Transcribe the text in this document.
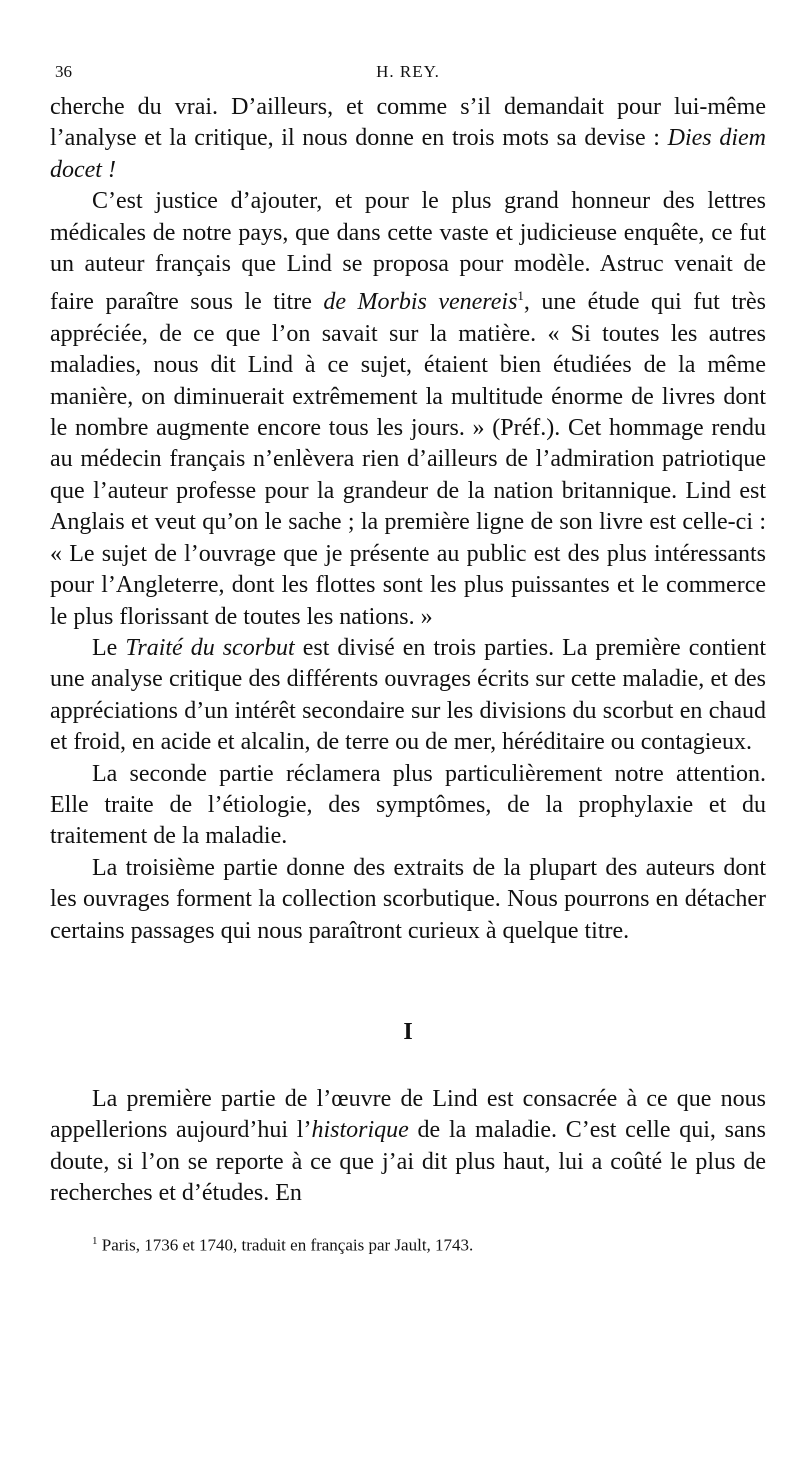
36	H. REY.

cherche du vrai. D’ailleurs, et comme s’il demandait pour lui-même l’analyse et la critique, il nous donne en trois mots sa devise : Dies diem docet !

C’est justice d’ajouter, et pour le plus grand honneur des lettres médicales de notre pays, que dans cette vaste et judicieuse enquête, ce fut un auteur français que Lind se proposa pour modèle. Astruc venait de faire paraître sous le titre de Morbis venereis$^1$, une étude qui fut très appréciée, de ce que l’on savait sur la matière. « Si toutes les autres maladies, nous dit Lind à ce sujet, étaient bien étudiées de la même manière, on diminuerait extrêmement la multitude énorme de livres dont le nombre augmente encore tous les jours. » (Préf.). Cet hommage rendu au médecin français n’enlèvera rien d’ailleurs de l’admiration patriotique que l’auteur professe pour la grandeur de la nation britannique. Lind est Anglais et veut qu’on le sache ; la première ligne de son livre est celle-ci : « Le sujet de l’ouvrage que je présente au public est des plus intéressants pour l’Angleterre, dont les flottes sont les plus puissantes et le commerce le plus florissant de toutes les nations. »

Le Traité du scorbut est divisé en trois parties. La première contient une analyse critique des différents ouvrages écrits sur cette maladie, et des appréciations d’un intérêt secondaire sur les divisions du scorbut en chaud et froid, en acide et alcalin, de terre ou de mer, héréditaire ou contagieux.

La seconde partie réclamera plus particulièrement notre attention. Elle traite de l’étiologie, des symptômes, de la prophylaxie et du traitement de la maladie.

La troisième partie donne des extraits de la plupart des auteurs dont les ouvrages forment la collection scorbutique. Nous pourrons en détacher certains passages qui nous paraîtront curieux à quelque titre.

I

La première partie de l’œuvre de Lind est consacrée à ce que nous appellerions aujourd’hui l’historique de la maladie. C’est celle qui, sans doute, si l’on se reporte à ce que j’ai dit plus haut, lui a coûté le plus de recherches et d’études. En

$^1$ Paris, 1736 et 1740, traduit en français par Jault, 1743.
